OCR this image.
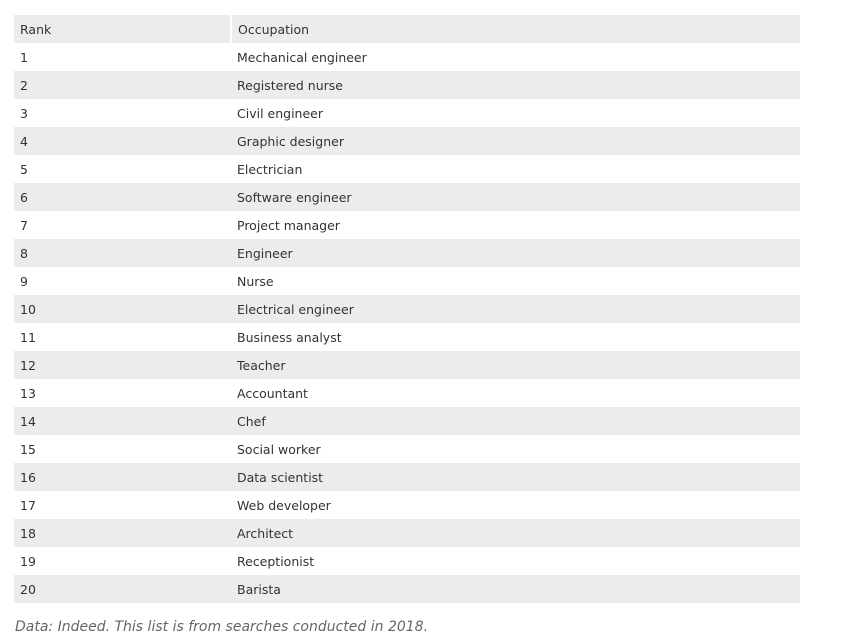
Rank	Occupation
1	Mechanical engineer
2	Registered nurse
3	Civil engineer
4	Graphic designer
5	Electrician
6	Software engineer
7	Project manager
8	Engineer
9	Nurse
10	Electrical engineer
11	Business analyst
12	Teacher
13	Accountant
14	Chef
15	Social worker
16	Data scientist
17	Web developer
18	Architect
19	Receptionist
20	Barista
Data: Indeed. This list is from searches conducted in 2018.
